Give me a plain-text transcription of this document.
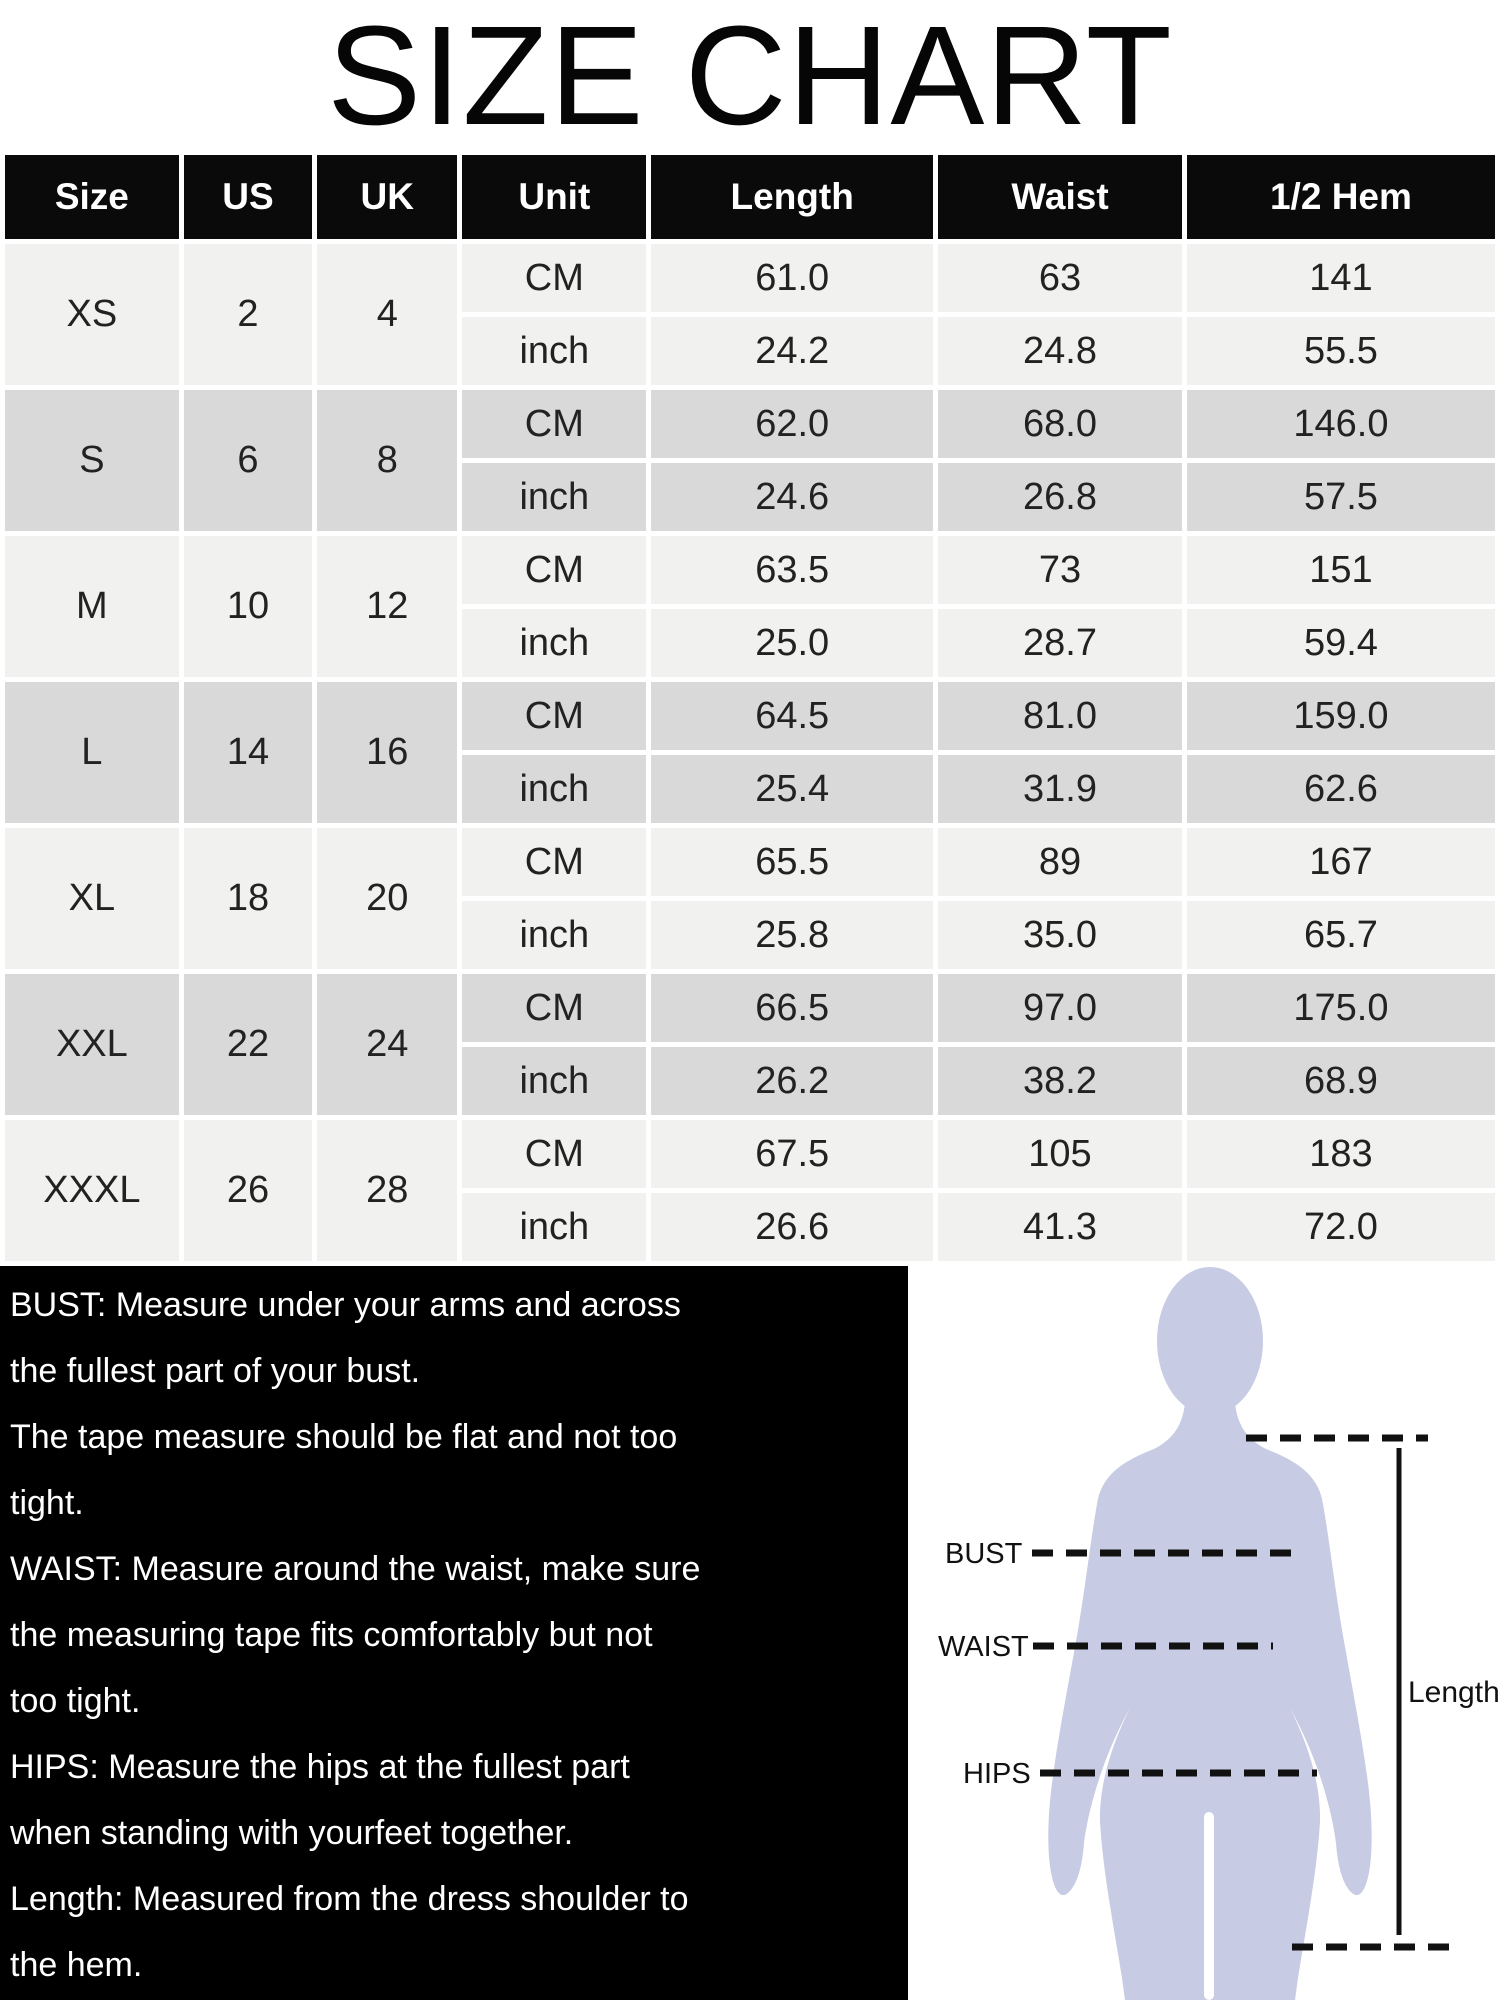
SIZE CHART
Size	US	UK	Unit	Length	Waist	1/2 Hem
XS	2	4	CM	61.0	63	141
			inch	24.2	24.8	55.5
S	6	8	CM	62.0	68.0	146.0
			inch	24.6	26.8	57.5
M	10	12	CM	63.5	73	151
			inch	25.0	28.7	59.4
L	14	16	CM	64.5	81.0	159.0
			inch	25.4	31.9	62.6
XL	18	20	CM	65.5	89	167
			inch	25.8	35.0	65.7
XXL	22	24	CM	66.5	97.0	175.0
			inch	26.2	38.2	68.9
XXXL	26	28	CM	67.5	105	183
			inch	26.6	41.3	72.0
BUST: Measure under your arms and across
the fullest part of your bust.
The tape measure should be flat and not too
tight.
WAIST: Measure around the waist, make sure
the measuring tape fits comfortably but not
too tight.
HIPS: Measure the hips at the fullest part
when standing with yourfeet together.
Length: Measured from the dress shoulder to
the hem.
BUST
WAIST
HIPS
Length
